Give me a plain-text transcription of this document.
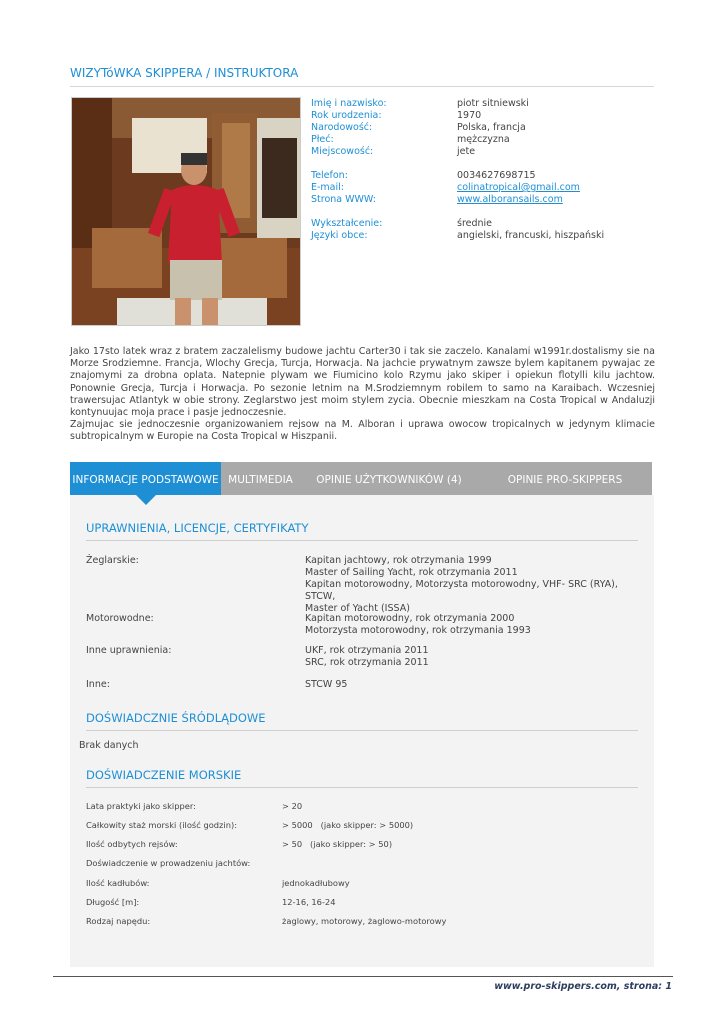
WIZYTóWKA SKIPPERA / INSTRUKTORA
Imię i nazwisko:	piotr sitniewski
Rok urodzenia:	1970
Narodowość:	Polska, francja
Płeć:	mężczyzna
Miejscowość:	jete
Telefon:	0034627698715
E-mail:	colinatropical@gmail.com
Strona WWW:	www.alboransails.com
Wykształcenie:	średnie
Języki obce:	angielski, francuski, hiszpański

Jako 17sto latek wraz z bratem zaczalelismy budowe jachtu Carter30 i tak sie zaczelo. Kanalami w1991r.dostalismy sie na Morze Srodziemne. Francja, Wlochy Grecja, Turcja, Horwacja. Na jachcie prywatnym zawsze bylem kapitanem pywajac ze znajomymi za drobna oplata. Natepnie plywam we Fiumicino kolo Rzymu jako skiper i opiekun flotylli kilu jachtow. Ponownie Grecja, Turcja i Horwacja. Po sezonie letnim na M.Srodziemnym robilem to samo na Karaibach. Wczesniej trawersujac Atlantyk w obie strony. Zeglarstwo jest moim stylem zycia. Obecnie mieszkam na Costa Tropical w Andaluzji kontynuujac moja prace i pasje jednoczesnie.

Zajmujac sie jednoczesnie organizowaniem rejsow na M. Alboran i uprawa owocow tropicalnych w jedynym klimacie subtropicalnym w Europie na Costa Tropical w Hiszpanii.

INFORMACJE PODSTAWOWE MULTIMEDIA	OPINIE UŻYTKOWNIKÓW (4)	OPINIE PRO-SKIPPERS
UPRAWNIENIA, LICENCJE, CERTYFIKATY
Żeglarskie:	Kapitan jachtowy, rok otrzymania 1999
Master of Sailing Yacht, rok otrzymania 2011
Kapitan motorowodny, Motorzysta motorowodny, VHF- SRC (RYA), STCW,
Master of Yacht (ISSA)
Motorowodne:	Kapitan motorowodny, rok otrzymania 2000
Motorzysta motorowodny, rok otrzymania 1993
Inne uprawnienia:	UKF, rok otrzymania 2011
SRC, rok otrzymania 2011
Inne:	STCW 95
DOŚWIADCZNIE ŚRÓDLĄDOWE
Brak danych
DOŚWIADCZENIE MORSKIE
Lata praktyki jako skipper:	> 20
Całkowity staż morski (ilość godzin):	> 5000   (jako skipper: > 5000)
Ilość odbytych rejsów:	> 50   (jako skipper: > 50)
Doświadczenie w prowadzeniu jachtów:
Ilość kadłubów:	jednokadłubowy
Długość [m]:	12-16, 16-24
Rodzaj napędu:	żaglowy, motorowy, żaglowo-motorowy
www.pro-skippers.com, strona: 1
